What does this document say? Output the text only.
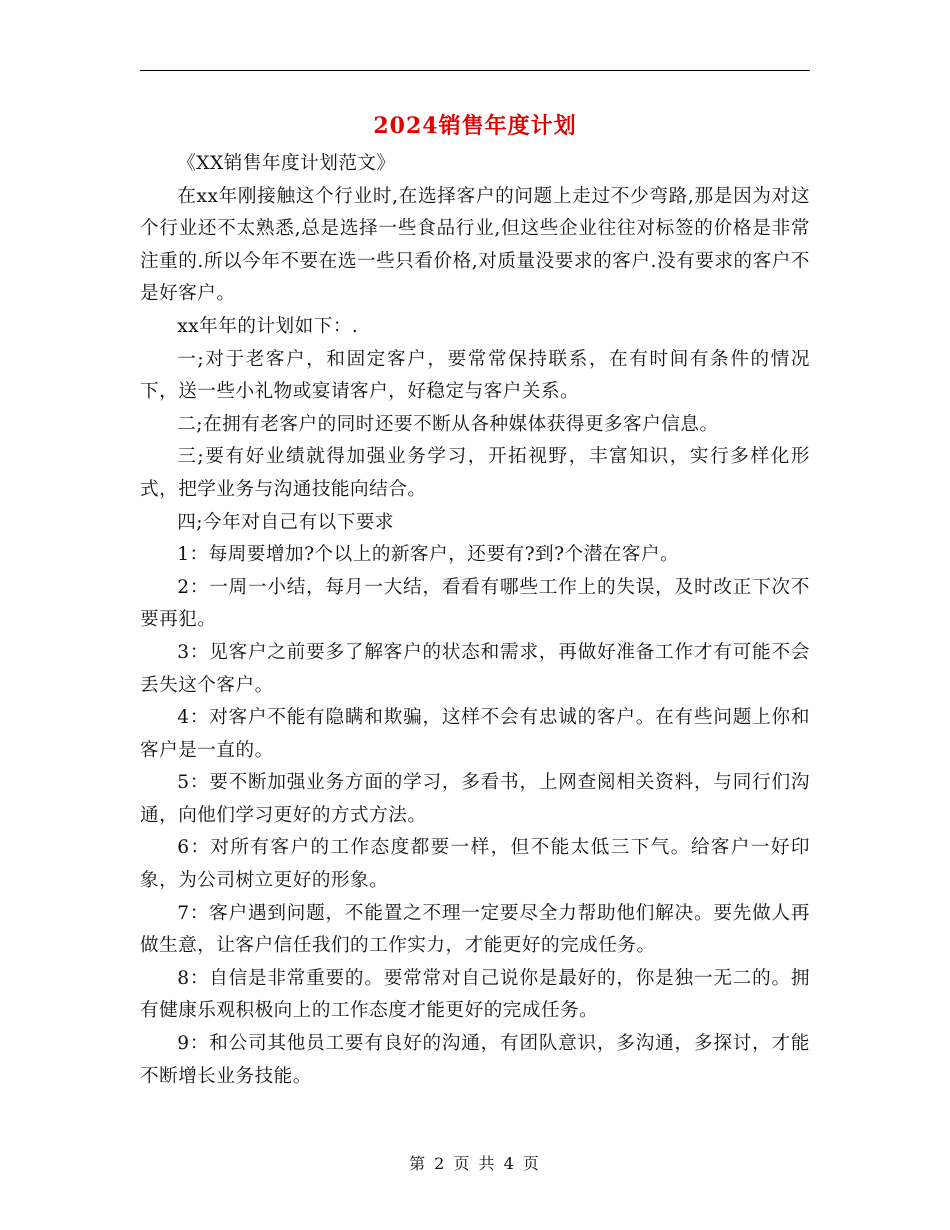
2024销售年度计划

《XX销售年度计划范文》

在xx年刚接触这个行业时,在选择客户的问题上走过不少弯路,那是因为对这个行业还不太熟悉,总是选择一些食品行业,但这些企业往往对标签的价格是非常注重的.所以今年不要在选一些只看价格,对质量没要求的客户.没有要求的客户不是好客户。

xx年年的计划如下：.

一;对于老客户，和固定客户，要常常保持联系，在有时间有条件的情况下，送一些小礼物或宴请客户，好稳定与客户关系。

二;在拥有老客户的同时还要不断从各种媒体获得更多客户信息。

三;要有好业绩就得加强业务学习，开拓视野，丰富知识，实行多样化形式，把学业务与沟通技能向结合。

四;今年对自己有以下要求

1：每周要增加?个以上的新客户，还要有?到?个潜在客户。

2：一周一小结，每月一大结，看看有哪些工作上的失误，及时改正下次不要再犯。

3：见客户之前要多了解客户的状态和需求，再做好准备工作才有可能不会丢失这个客户。

4：对客户不能有隐瞒和欺骗，这样不会有忠诚的客户。在有些问题上你和客户是一直的。

5：要不断加强业务方面的学习，多看书，上网查阅相关资料，与同行们沟通，向他们学习更好的方式方法。

6：对所有客户的工作态度都要一样，但不能太低三下气。给客户一好印象，为公司树立更好的形象。

7：客户遇到问题，不能置之不理一定要尽全力帮助他们解决。要先做人再做生意，让客户信任我们的工作实力，才能更好的完成任务。

8：自信是非常重要的。要常常对自己说你是最好的，你是独一无二的。拥有健康乐观积极向上的工作态度才能更好的完成任务。

9：和公司其他员工要有良好的沟通，有团队意识，多沟通，多探讨，才能不断增长业务技能。

第 2 页 共 4 页
